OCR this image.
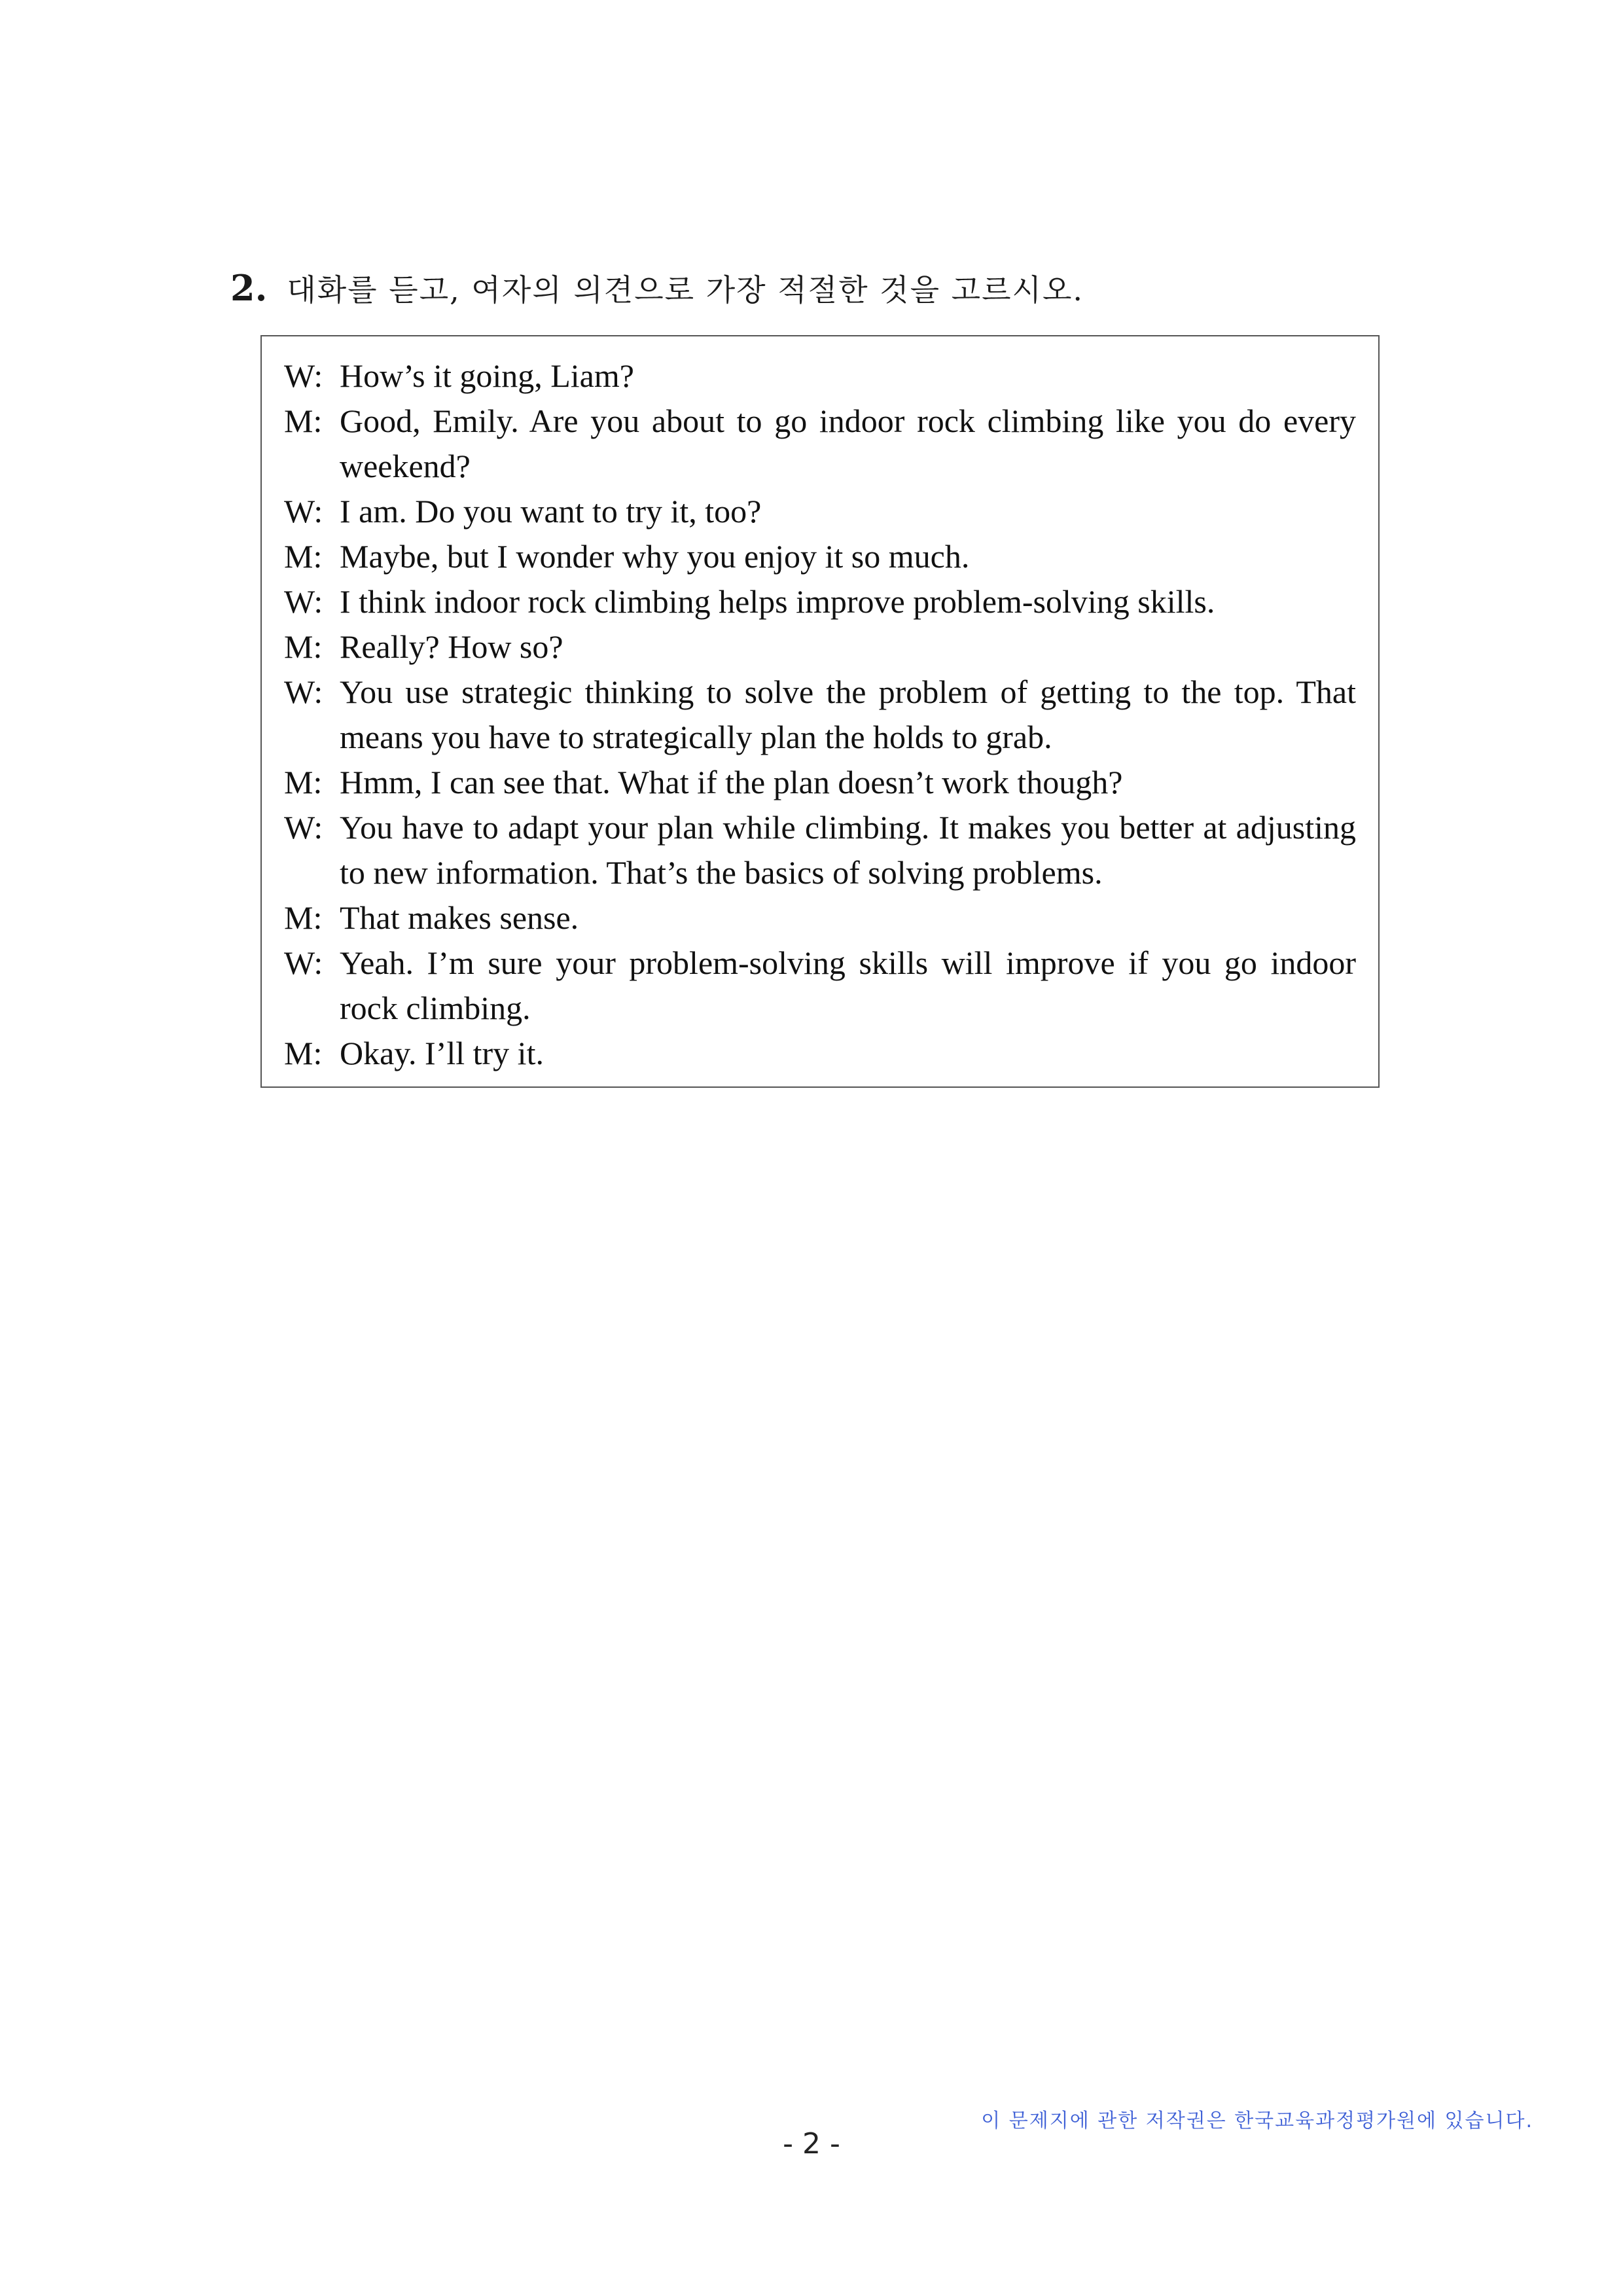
2. 대화를 듣고, 여자의 의견으로 가장 적절한 것을 고르시오.
W: How’s it going, Liam?
M: Good, Emily. Are you about to go indoor rock climbing like you do every weekend?
W: I am. Do you want to try it, too?
M: Maybe, but I wonder why you enjoy it so much.
W: I think indoor rock climbing helps improve problem-solving skills.
M: Really? How so?
W: You use strategic thinking to solve the problem of getting to the top. That means you have to strategically plan the holds to grab.
M: Hmm, I can see that. What if the plan doesn’t work though?
W: You have to adapt your plan while climbing. It makes you better at adjusting to new information. That’s the basics of solving problems.
M: That makes sense.
W: Yeah. I’m sure your problem-solving skills will improve if you go indoor rock climbing.
M: Okay. I’ll try it.
이 문제지에 관한 저작권은 한국교육과정평가원에 있습니다.
- 2 -
